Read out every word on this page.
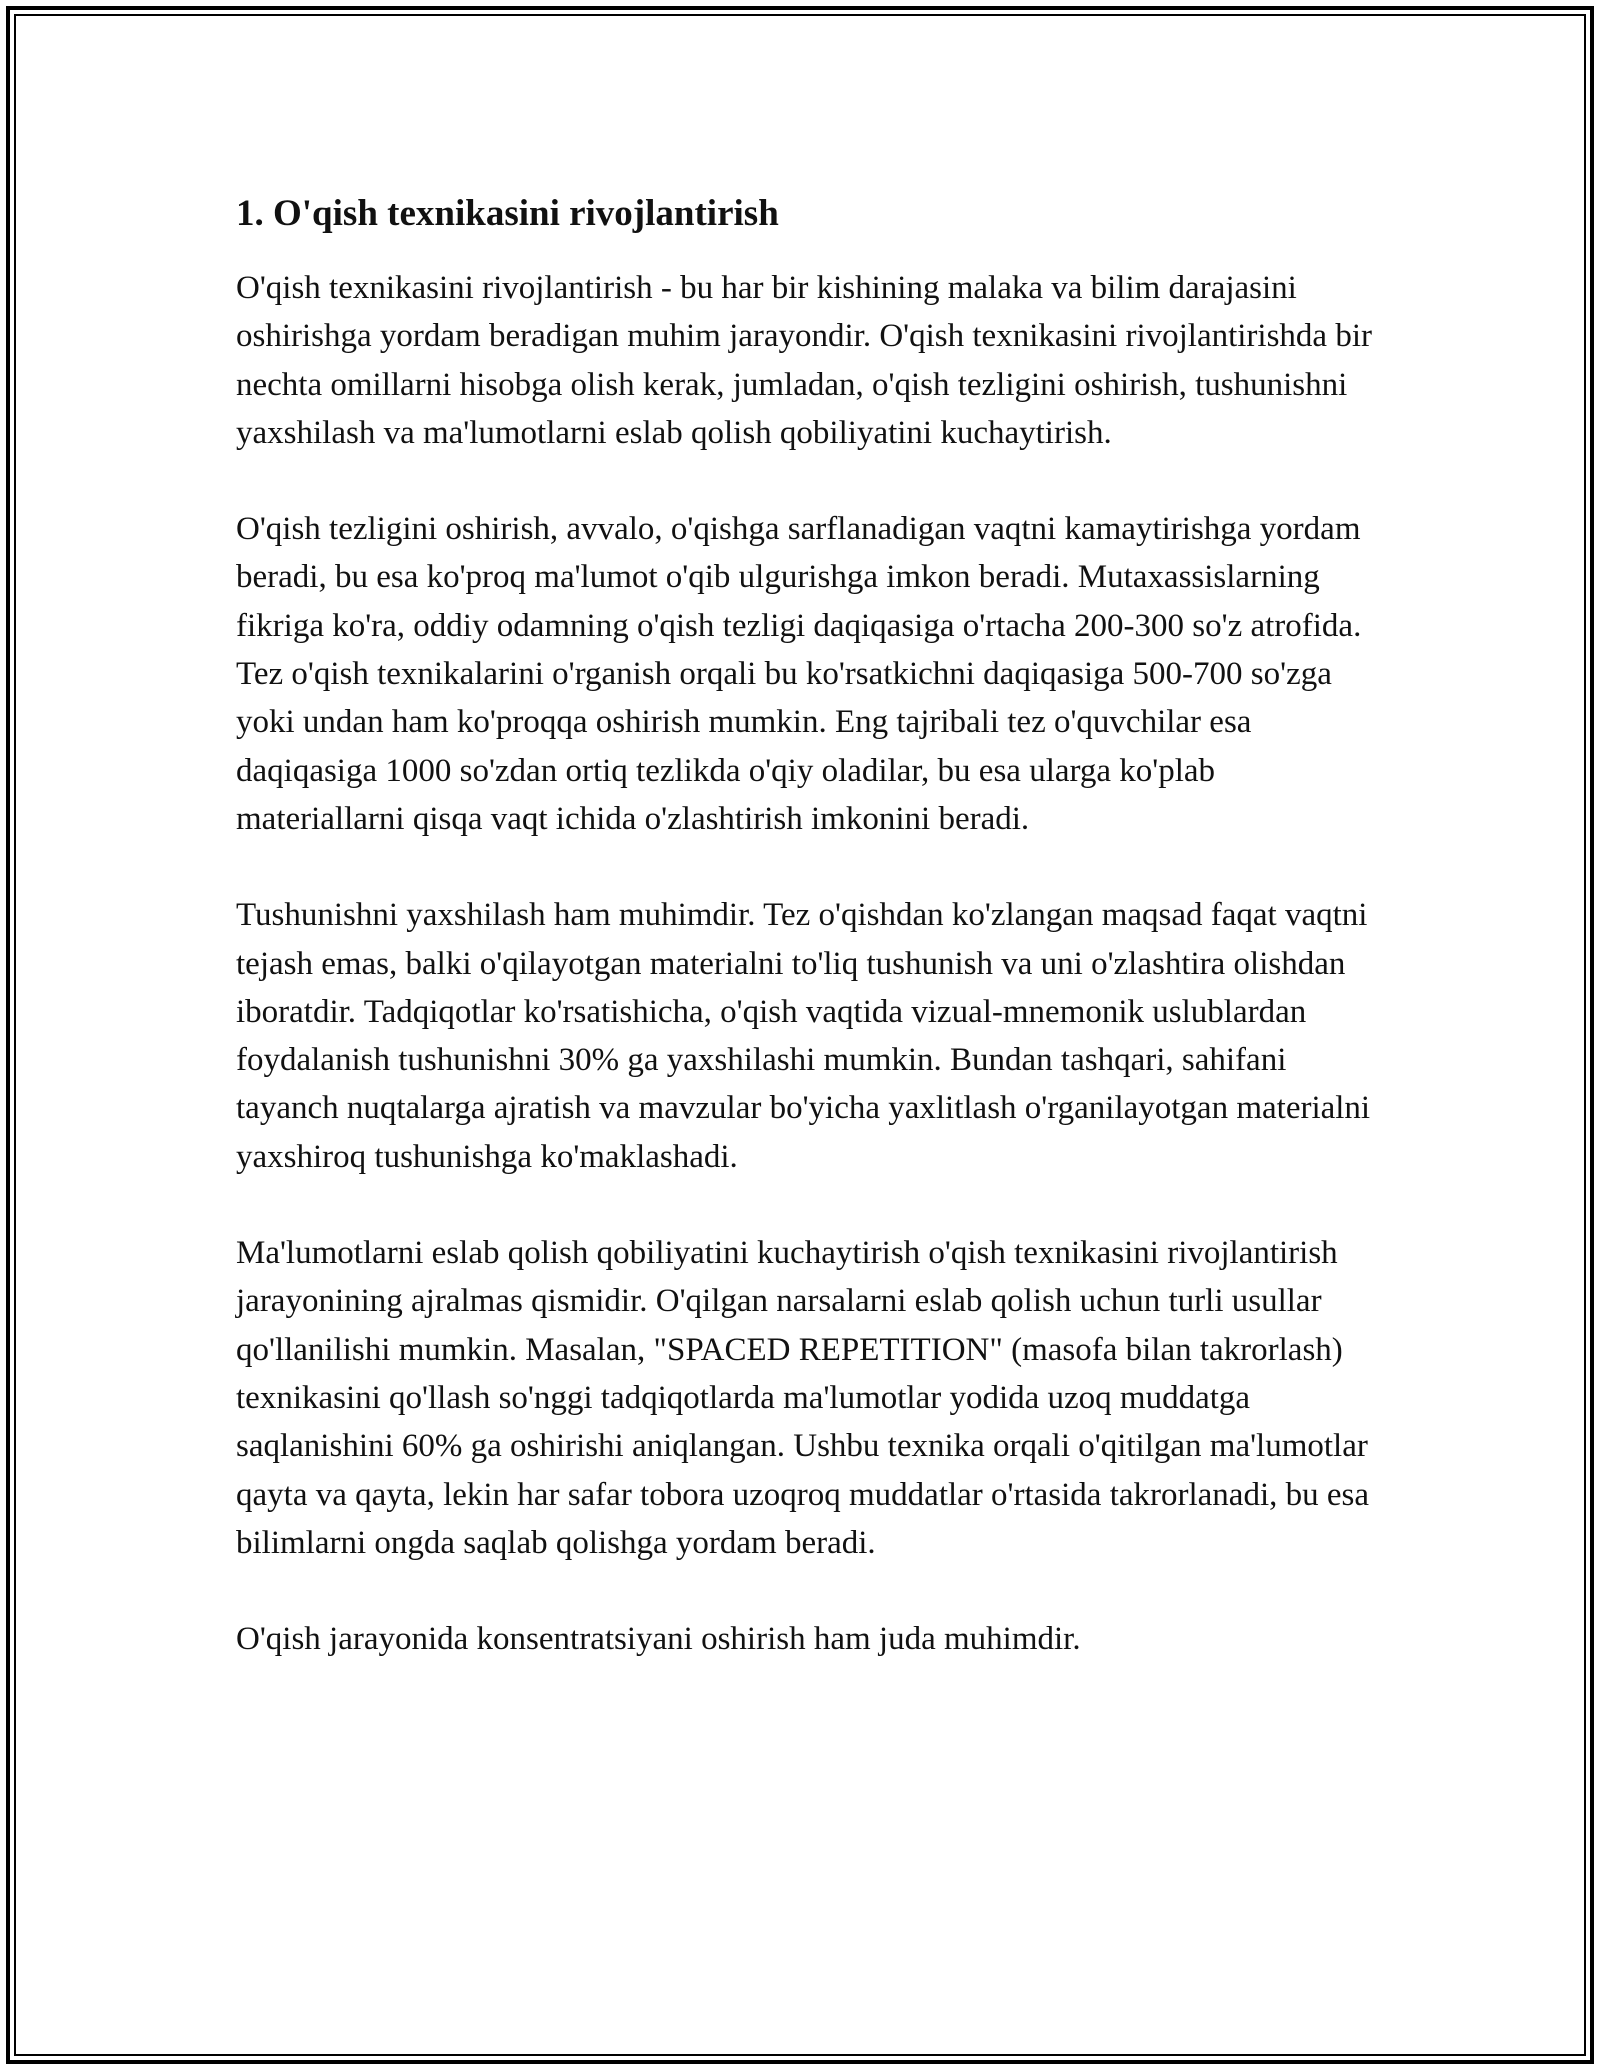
1. O'qish texnikasini rivojlantirish

O'qish texnikasini rivojlantirish - bu har bir kishining malaka va bilim darajasini oshirishga yordam beradigan muhim jarayondir. O'qish texnikasini rivojlantirishda bir nechta omillarni hisobga olish kerak, jumladan, o'qish tezligini oshirish, tushunishni yaxshilash va ma'lumotlarni eslab qolish qobiliyatini kuchaytirish.

O'qish tezligini oshirish, avvalo, o'qishga sarflanadigan vaqtni kamaytirishga yordam beradi, bu esa ko'proq ma'lumot o'qib ulgurishga imkon beradi. Mutaxassislarning fikriga ko'ra, oddiy odamning o'qish tezligi daqiqasiga o'rtacha 200-300 so'z atrofida. Tez o'qish texnikalarini o'rganish orqali bu ko'rsatkichni daqiqasiga 500-700 so'zga yoki undan ham ko'proqqa oshirish mumkin. Eng tajribali tez o'quvchilar esa daqiqasiga 1000 so'zdan ortiq tezlikda o'qiy oladilar, bu esa ularga ko'plab materiallarni qisqa vaqt ichida o'zlashtirish imkonini beradi.

Tushunishni yaxshilash ham muhimdir. Tez o'qishdan ko'zlangan maqsad faqat vaqtni tejash emas, balki o'qilayotgan materialni to'liq tushunish va uni o'zlashtira olishdan iboratdir. Tadqiqotlar ko'rsatishicha, o'qish vaqtida vizual-mnemonik uslublardan foydalanish tushunishni 30% ga yaxshilashi mumkin. Bundan tashqari, sahifani tayanch nuqtalarga ajratish va mavzular bo'yicha yaxlitlash o'rganilayotgan materialni yaxshiroq tushunishga ko'maklashadi.

Ma'lumotlarni eslab qolish qobiliyatini kuchaytirish o'qish texnikasini rivojlantirish jarayonining ajralmas qismidir. O'qilgan narsalarni eslab qolish uchun turli usullar qo'llanilishi mumkin. Masalan, "SPACED REPETITION" (masofa bilan takrorlash) texnikasini qo'llash so'nggi tadqiqotlarda ma'lumotlar yodida uzoq muddatga saqlanishini 60% ga oshirishi aniqlangan. Ushbu texnika orqali o'qitilgan ma'lumotlar qayta va qayta, lekin har safar tobora uzoqroq muddatlar o'rtasida takrorlanadi, bu esa bilimlarni ongda saqlab qolishga yordam beradi.

O'qish jarayonida konsentratsiyani oshirish ham juda muhimdir.
